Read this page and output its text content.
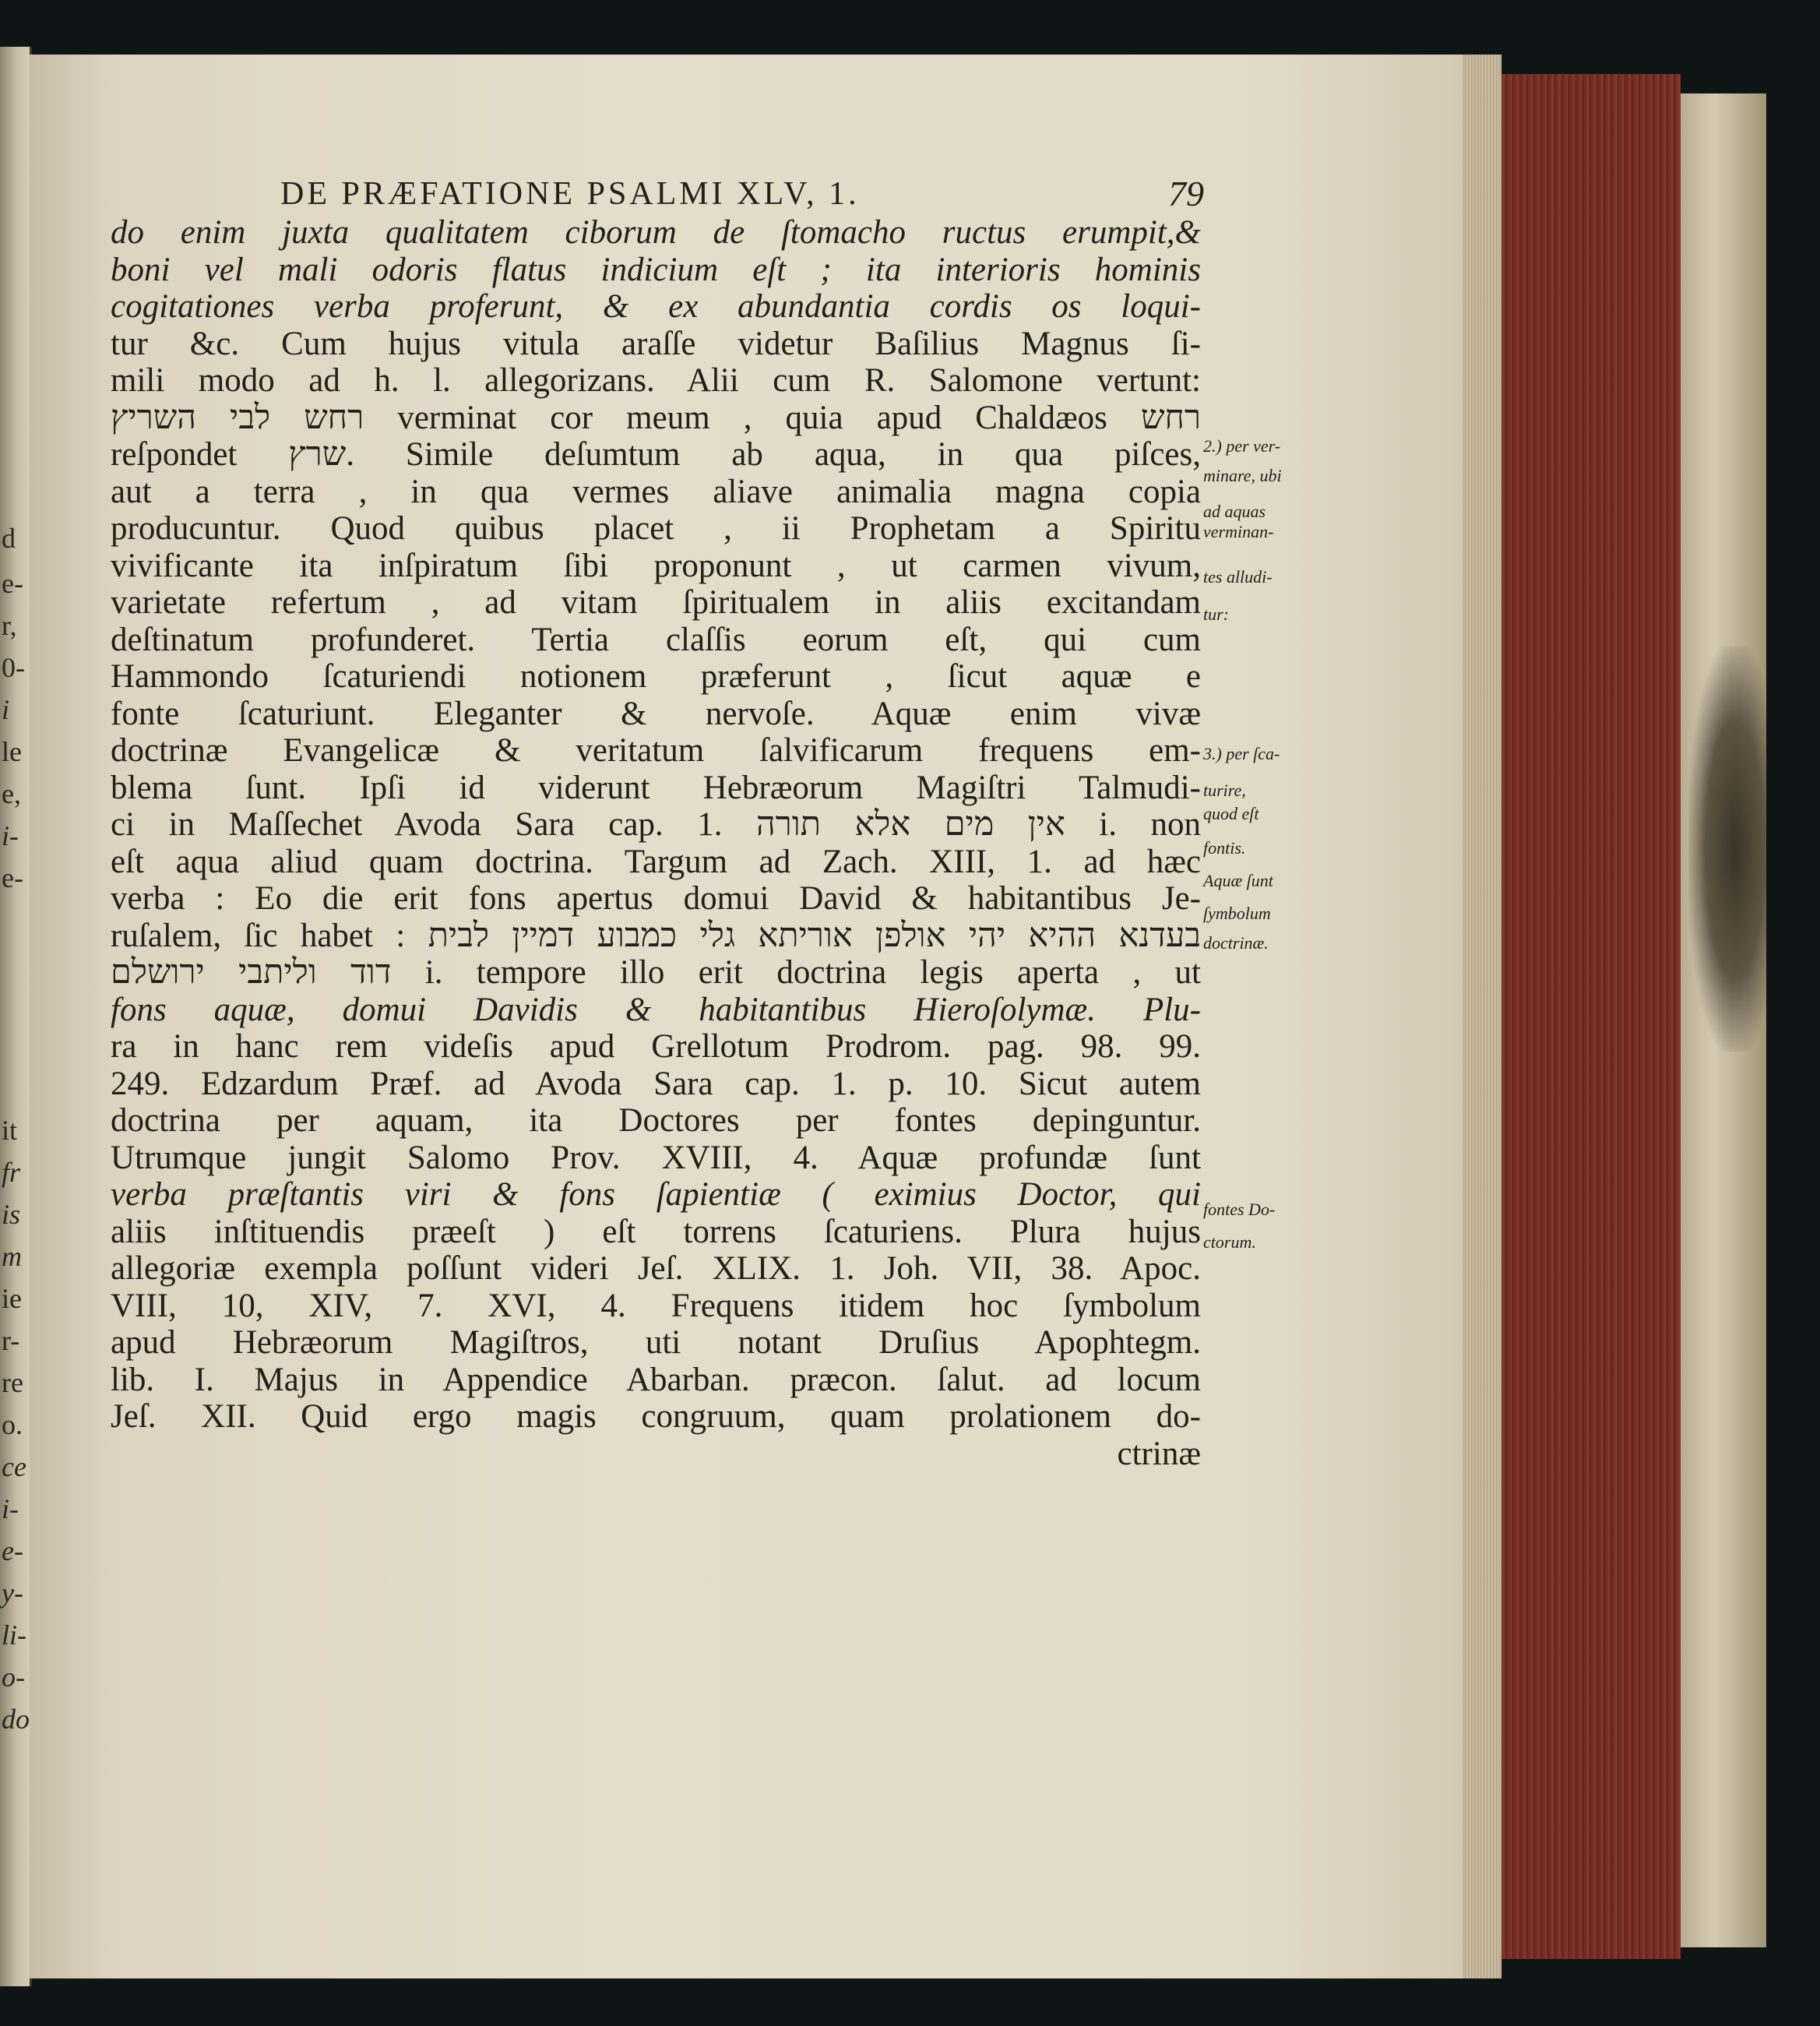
d
e-
r,
0-
i
le
e,
i-
e-
it
fr
is
m
ie
r-
re
o.
ce
i-
e-
y-
li-
o-
do
DE PRÆFATIONE PSALMI XLV, 1.	79
do enim juxta qualitatem ciborum de ſtomacho ructus erumpit,&
boni vel mali odoris flatus indicium eſt ; ita interioris hominis
cogitationes verba proferunt, & ex abundantia cordis os loqui-
tur &c. Cum hujus vitula araſſe videtur Baſilius Magnus ſi-
mili modo ad h. l. allegorizans. Alii cum R. Salomone vertunt:
רחש לבי השריץ verminat cor meum , quia apud Chaldæos רחש
reſpondet שרץ. Simile deſumtum ab aqua, in qua piſces,
aut a terra , in qua vermes aliave animalia magna copia
producuntur. Quod quibus placet , ii Prophetam a Spiritu
vivificante ita inſpiratum ſibi proponunt , ut carmen vivum,
varietate refertum , ad vitam ſpiritualem in aliis excitandam
deſtinatum profunderet. Tertia claſſis eorum eſt, qui cum
Hammondo ſcaturiendi notionem præferunt , ſicut aquæ e
fonte ſcaturiunt. Eleganter & nervoſe. Aquæ enim vivæ
doctrinæ Evangelicæ & veritatum ſalvificarum frequens em-
blema ſunt. Ipſi id viderunt Hebræorum Magiſtri Talmudi-
ci in Maſſechet Avoda Sara cap. 1. אין מים אלא תורה i. non
eſt aqua aliud quam doctrina. Targum ad Zach. XIII, 1. ad hæc
verba : Eo die erit fons apertus domui David & habitantibus Je-
ruſalem, ſic habet : בעדנא ההיא יהי אולפן אוריתא גלי כמבוע דמיין לבית
דוד וליתבי ירושלם i. tempore illo erit doctrina legis aperta , ut
fons aquæ, domui Davidis & habitantibus Hieroſolymæ. Plu-
ra in hanc rem videſis apud Grellotum Prodrom. pag. 98. 99.
249. Edzardum Præf. ad Avoda Sara cap. 1. p. 10. Sicut autem
doctrina per aquam, ita Doctores per fontes depinguntur.
Utrumque jungit Salomo Prov. XVIII, 4. Aquæ profundæ ſunt
verba præſtantis viri & fons ſapientiæ ( eximius Doctor, qui
aliis inſtituendis præeſt ) eſt torrens ſcaturiens. Plura hujus
allegoriæ exempla poſſunt videri Jeſ. XLIX. 1. Joh. VII, 38. Apoc.
VIII, 10, XIV, 7. XVI, 4. Frequens itidem hoc ſymbolum
apud Hebræorum Magiſtros, uti notant Druſius Apophtegm.
lib. I. Majus in Appendice Abarban. præcon. ſalut. ad locum
Jeſ. XII. Quid ergo magis congruum, quam prolationem do-
ctrinæ
2.) per ver-
minare, ubi
ad aquas
verminan-
tes alludi-
tur:
3.) per ſca-
turire,
quod eſt
fontis.
Aquæ ſunt
ſymbolum
doctrinæ.
fontes Do-
ctorum.
